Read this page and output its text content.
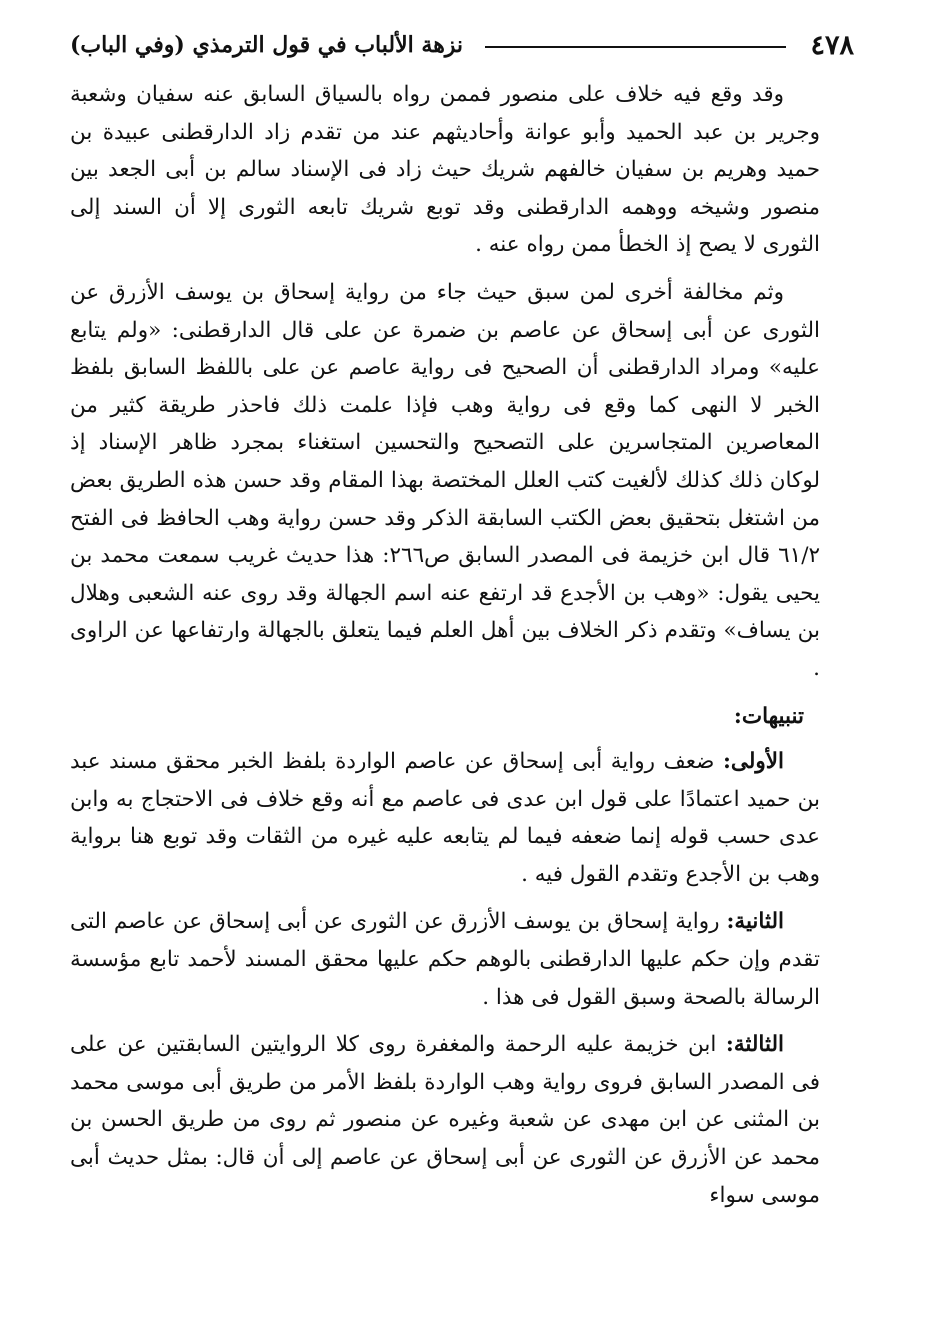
٤٧٨
نزهة الألباب في قول الترمذي (وفي الباب)

وقد وقع فيه خلاف على منصور فممن رواه بالسياق السابق عنه سفيان وشعبة وجرير بن عبد الحميد وأبو عوانة وأحاديثهم عند من تقدم زاد الدارقطنى عبيدة بن حميد وهريم بن سفيان خالفهم شريك حيث زاد فى الإسناد سالم بن أبى الجعد بين منصور وشيخه ووهمه الدارقطنى وقد توبع شريك تابعه الثورى إلا أن السند إلى الثورى لا يصح إذ الخطأ ممن رواه عنه .

وثم مخالفة أخرى لمن سبق حيث جاء من رواية إسحاق بن يوسف الأزرق عن الثورى عن أبى إسحاق عن عاصم بن ضمرة عن على قال الدارقطنى: «ولم يتابع عليه» ومراد الدارقطنى أن الصحيح فى رواية عاصم عن على باللفظ السابق بلفظ الخبر لا النهى كما وقع فى رواية وهب فإذا علمت ذلك فاحذر طريقة كثير من المعاصرين المتجاسرين على التصحيح والتحسين استغناء بمجرد ظاهر الإسناد إذ لوكان ذلك كذلك لألغيت كتب العلل المختصة بهذا المقام وقد حسن هذه الطريق بعض من اشتغل بتحقيق بعض الكتب السابقة الذكر وقد حسن رواية وهب الحافظ فى الفتح ٦١/٢ قال ابن خزيمة فى المصدر السابق ص٢٦٦: هذا حديث غريب سمعت محمد بن يحيى يقول: «وهب بن الأجدع قد ارتفع عنه اسم الجهالة وقد روى عنه الشعبى وهلال بن يساف» وتقدم ذكر الخلاف بين أهل العلم فيما يتعلق بالجهالة وارتفاعها عن الراوى .

تنبيهات:

الأولى: ضعف رواية أبى إسحاق عن عاصم الواردة بلفظ الخبر محقق مسند عبد بن حميد اعتمادًا على قول ابن عدى فى عاصم مع أنه وقع خلاف فى الاحتجاج به وابن عدى حسب قوله إنما ضعفه فيما لم يتابعه عليه غيره من الثقات وقد توبع هنا برواية وهب بن الأجدع وتقدم القول فيه .

الثانية: رواية إسحاق بن يوسف الأزرق عن الثورى عن أبى إسحاق عن عاصم التى تقدم وإن حكم عليها الدارقطنى بالوهم حكم عليها محقق المسند لأحمد تابع مؤسسة الرسالة بالصحة وسبق القول فى هذا .

الثالثة: ابن خزيمة عليه الرحمة والمغفرة روى كلا الروايتين السابقتين عن على فى المصدر السابق فروى رواية وهب الواردة بلفظ الأمر من طريق أبى موسى محمد بن المثنى عن ابن مهدى عن شعبة وغيره عن منصور ثم روى من طريق الحسن بن محمد عن الأزرق عن الثورى عن أبى إسحاق عن عاصم إلى أن قال: بمثل حديث أبى موسى سواء
